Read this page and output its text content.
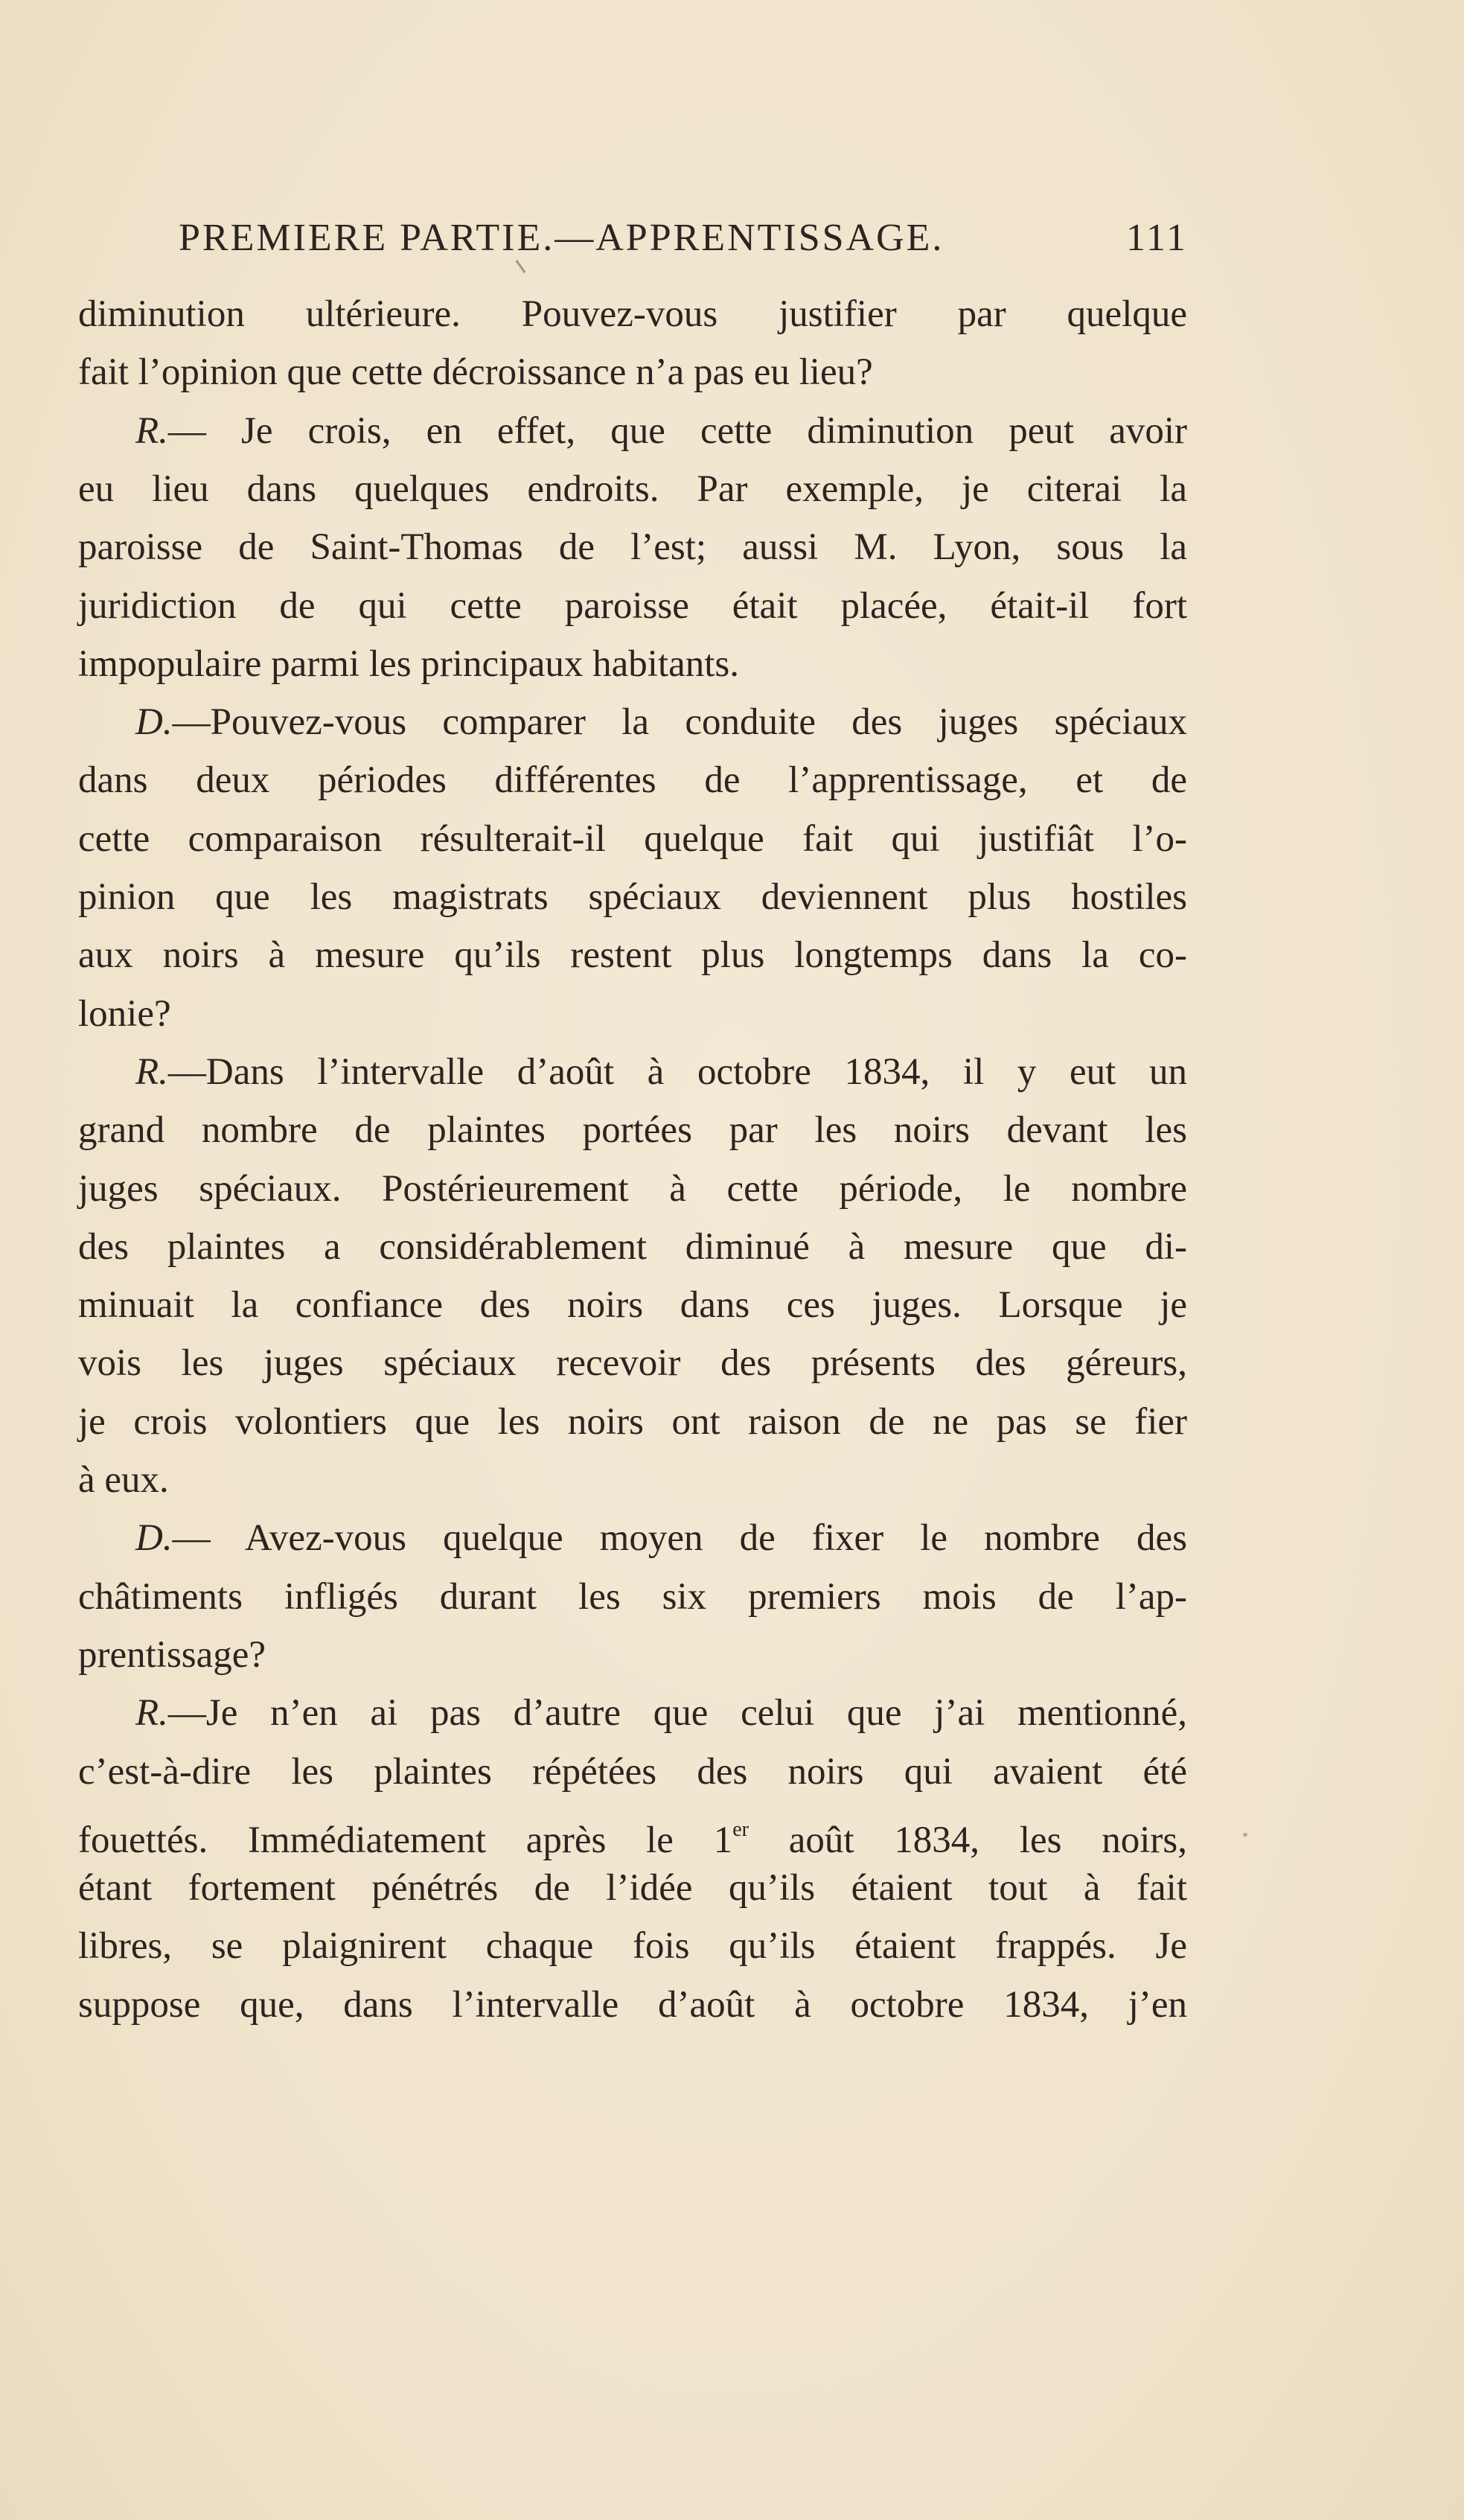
PREMIERE PARTIE.—APPRENTISSAGE.	111
diminution ultérieure. Pouvez-vous justifier par quelque
fait l’opinion que cette décroissance n’a pas eu lieu?
R.— Je crois, en effet, que cette diminution peut avoir
eu lieu dans quelques endroits. Par exemple, je citerai la
paroisse de Saint-Thomas de l’est; aussi M. Lyon, sous la
juridiction de qui cette paroisse était placée, était-il fort
impopulaire parmi les principaux habitants.
D.—Pouvez-vous comparer la conduite des juges spéciaux
dans deux périodes différentes de l’apprentissage, et de
cette comparaison résulterait-il quelque fait qui justifiât l’o-
pinion que les magistrats spéciaux deviennent plus hostiles
aux noirs à mesure qu’ils restent plus longtemps dans la co-
lonie?
R.—Dans l’intervalle d’août à octobre 1834, il y eut un
grand nombre de plaintes portées par les noirs devant les
juges spéciaux. Postérieurement à cette période, le nombre
des plaintes a considérablement diminué à mesure que di-
minuait la confiance des noirs dans ces juges. Lorsque je
vois les juges spéciaux recevoir des présents des géreurs,
je crois volontiers que les noirs ont raison de ne pas se fier
à eux.
D.— Avez-vous quelque moyen de fixer le nombre des
châtiments infligés durant les six premiers mois de l’ap-
prentissage?
R.—Je n’en ai pas d’autre que celui que j’ai mentionné,
c’est-à-dire les plaintes répétées des noirs qui avaient été
fouettés. Immédiatement après le 1er août 1834, les noirs,
étant fortement pénétrés de l’idée qu’ils étaient tout à fait
libres, se plaignirent chaque fois qu’ils étaient frappés. Je
suppose que, dans l’intervalle d’août à octobre 1834, j’en
